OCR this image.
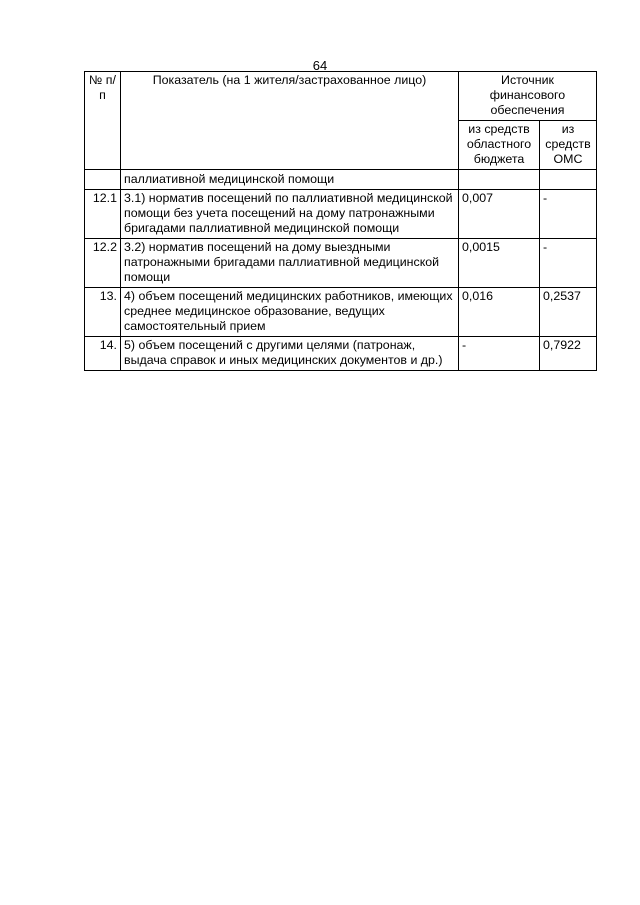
64
№ п/п	Показатель (на 1 жителя/застрахованное лицо)	Источник финансового обеспечения	
		из средств областного бюджета	из средств ОМС
	паллиативной медицинской помощи		
12.1	3.1) норматив посещений по паллиативной медицинской помощи без учета посещений на дому патронажными бригадами паллиативной медицинской помощи	0,007	-
12.2	3.2) норматив посещений на дому выездными патронажными бригадами паллиативной медицинской помощи	0,0015	-
13.	4) объем посещений медицинских работников, имеющих среднее медицинское образование, ведущих самостоятельный прием	0,016	0,2537
14.	5) объем посещений с другими целями (патронаж, выдача справок и иных медицинских документов и др.)	-	0,7922
